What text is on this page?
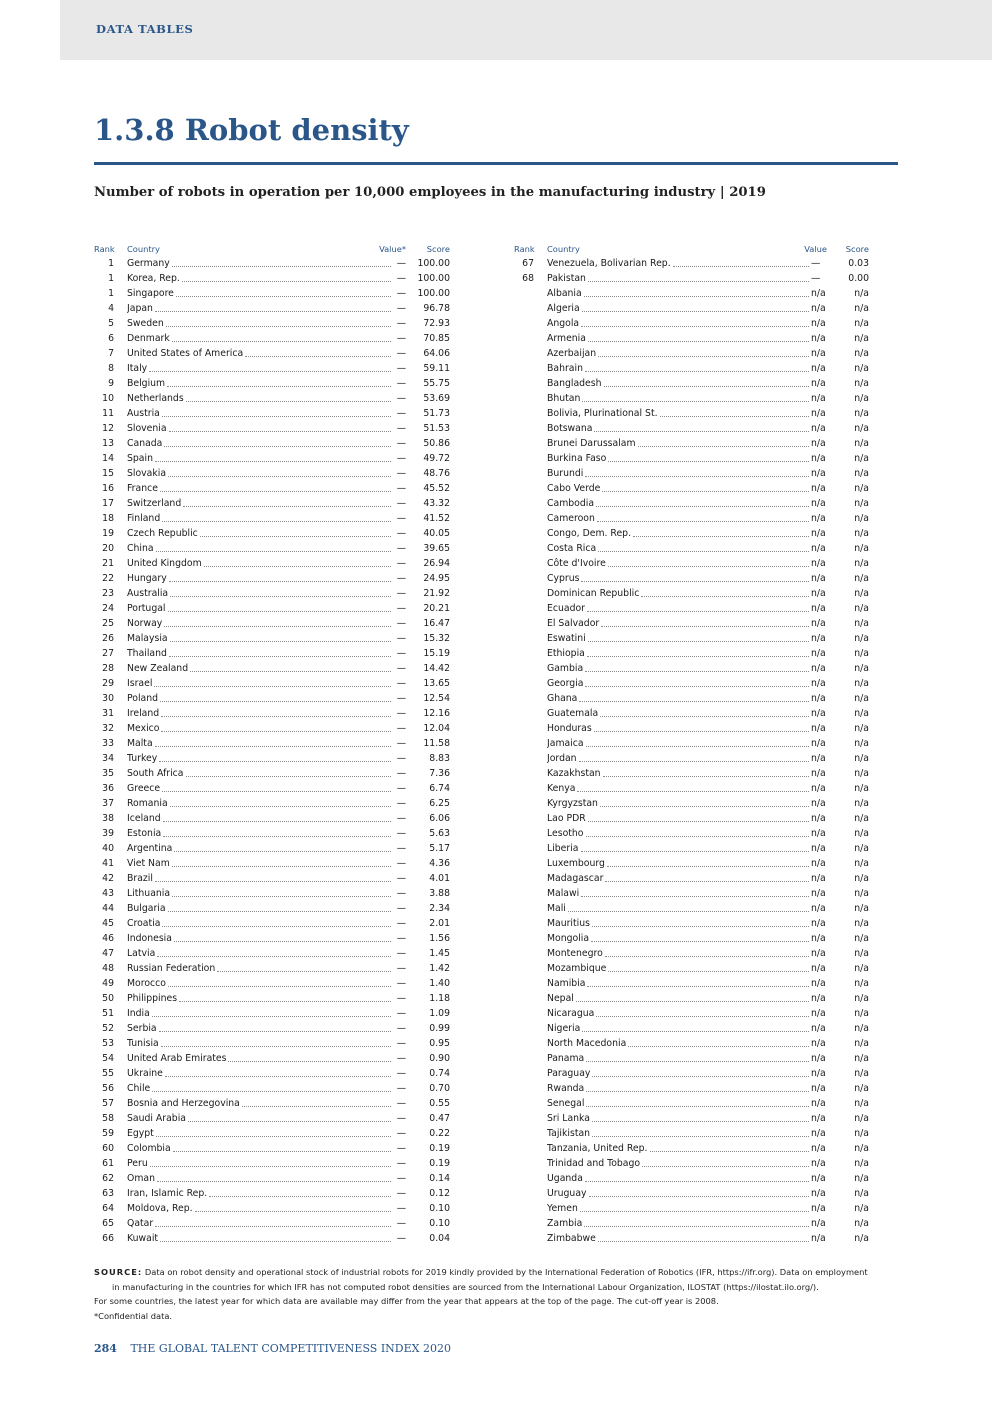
DATA TABLES
1.3.8 Robot density
Number of robots in operation per 10,000 employees in the manufacturing industry | 2019
Rank Country	Value*	Score
1 Germany	—	100.00
1 Korea, Rep.	—	100.00
1 Singapore	—	100.00
4 Japan	—	96.78
5 Sweden	—	72.93
6 Denmark	—	70.85
7 United States of America	—	64.06
8 Italy	—	59.11
9 Belgium	—	55.75
10 Netherlands	—	53.69
11 Austria	—	51.73
12 Slovenia	—	51.53
13 Canada	—	50.86
14 Spain	—	49.72
15 Slovakia	—	48.76
16 France	—	45.52
17 Switzerland	—	43.32
18 Finland	—	41.52
19 Czech Republic	—	40.05
20 China	—	39.65
21 United Kingdom	—	26.94
22 Hungary	—	24.95
23 Australia	—	21.92
24 Portugal	—	20.21
25 Norway	—	16.47
26 Malaysia	—	15.32
27 Thailand	—	15.19
28 New Zealand	—	14.42
29 Israel	—	13.65
30 Poland	—	12.54
31 Ireland	—	12.16
32 Mexico	—	12.04
33 Malta	—	11.58
34 Turkey	—	8.83
35 South Africa	—	7.36
36 Greece	—	6.74
37 Romania	—	6.25
38 Iceland	—	6.06
39 Estonia	—	5.63
40 Argentina	—	5.17
41 Viet Nam	—	4.36
42 Brazil	—	4.01
43 Lithuania	—	3.88
44 Bulgaria	—	2.34
45 Croatia	—	2.01
46 Indonesia	—	1.56
47 Latvia	—	1.45
48 Russian Federation	—	1.42
49 Morocco	—	1.40
50 Philippines	—	1.18
51 India	—	1.09
52 Serbia	—	0.99
53 Tunisia	—	0.95
54 United Arab Emirates	—	0.90
55 Ukraine	—	0.74
56 Chile	—	0.70
57 Bosnia and Herzegovina	—	0.55
58 Saudi Arabia	—	0.47
59 Egypt	—	0.22
60 Colombia	—	0.19
61 Peru	—	0.19
62 Oman	—	0.14
63 Iran, Islamic Rep.	—	0.12
64 Moldova, Rep.	—	0.10
65 Qatar	—	0.10
66 Kuwait	—	0.04
Rank Country	Value	Score
67 Venezuela, Bolivarian Rep.	—	0.03
68 Pakistan	—	0.00
Albania	n/a	n/a
Algeria	n/a	n/a
Angola	n/a	n/a
Armenia	n/a	n/a
Azerbaijan	n/a	n/a
Bahrain	n/a	n/a
Bangladesh	n/a	n/a
Bhutan	n/a	n/a
Bolivia, Plurinational St.	n/a	n/a
Botswana	n/a	n/a
Brunei Darussalam	n/a	n/a
Burkina Faso	n/a	n/a
Burundi	n/a	n/a
Cabo Verde	n/a	n/a
Cambodia	n/a	n/a
Cameroon	n/a	n/a
Congo, Dem. Rep.	n/a	n/a
Costa Rica	n/a	n/a
Côte d'Ivoire	n/a	n/a
Cyprus	n/a	n/a
Dominican Republic	n/a	n/a
Ecuador	n/a	n/a
El Salvador	n/a	n/a
Eswatini	n/a	n/a
Ethiopia	n/a	n/a
Gambia	n/a	n/a
Georgia	n/a	n/a
Ghana	n/a	n/a
Guatemala	n/a	n/a
Honduras	n/a	n/a
Jamaica	n/a	n/a
Jordan	n/a	n/a
Kazakhstan	n/a	n/a
Kenya	n/a	n/a
Kyrgyzstan	n/a	n/a
Lao PDR	n/a	n/a
Lesotho	n/a	n/a
Liberia	n/a	n/a
Luxembourg	n/a	n/a
Madagascar	n/a	n/a
Malawi	n/a	n/a
Mali	n/a	n/a
Mauritius	n/a	n/a
Mongolia	n/a	n/a
Montenegro	n/a	n/a
Mozambique	n/a	n/a
Namibia	n/a	n/a
Nepal	n/a	n/a
Nicaragua	n/a	n/a
Nigeria	n/a	n/a
North Macedonia	n/a	n/a
Panama	n/a	n/a
Paraguay	n/a	n/a
Rwanda	n/a	n/a
Senegal	n/a	n/a
Sri Lanka	n/a	n/a
Tajikistan	n/a	n/a
Tanzania, United Rep.	n/a	n/a
Trinidad and Tobago	n/a	n/a
Uganda	n/a	n/a
Uruguay	n/a	n/a
Yemen	n/a	n/a
Zambia	n/a	n/a
Zimbabwe	n/a	n/a
SOURCE: Data on robot density and operational stock of industrial robots for 2019 kindly provided by the International Federation of Robotics (IFR, https://ifr.org). Data on employment
in manufacturing in the countries for which IFR has not computed robot densities are sourced from the International Labour Organization, ILOSTAT (https://ilostat.ilo.org/).
For some countries, the latest year for which data are available may differ from the year that appears at the top of the page. The cut-off year is 2008.
*Confidential data.
284 THE GLOBAL TALENT COMPETITIVENESS INDEX 2020
